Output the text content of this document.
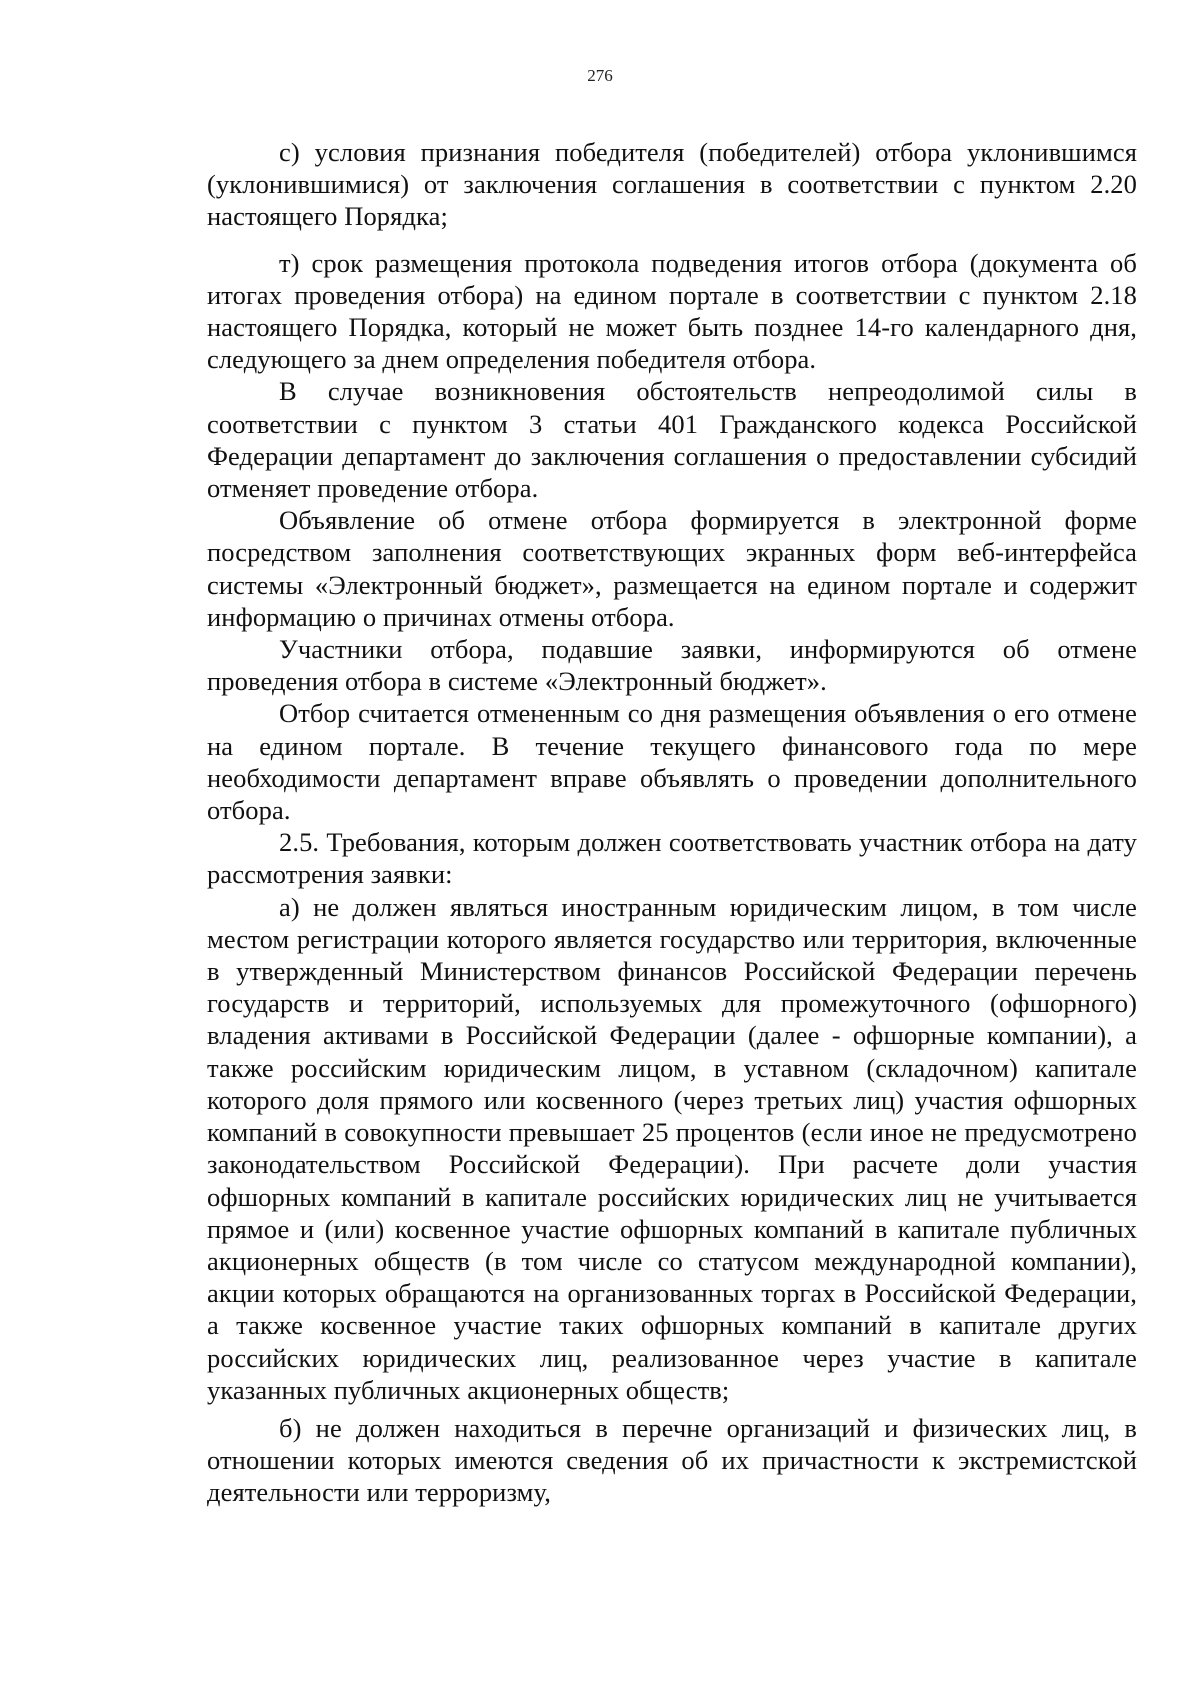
276

с) условия признания победителя (победителей) отбора уклонившимся (уклонившимися) от заключения соглашения в соответствии с пунктом 2.20 настоящего Порядка;

т) срок размещения протокола подведения итогов отбора (документа об итогах проведения отбора) на едином портале в соответствии с пунктом 2.18 настоящего Порядка, который не может быть позднее 14-го календарного дня, следующего за днем определения победителя отбора.

В случае возникновения обстоятельств непреодолимой силы в соответствии с пунктом 3 статьи 401 Гражданского кодекса Российской Федерации департамент до заключения соглашения о предоставлении субсидий отменяет проведение отбора.

Объявление об отмене отбора формируется в электронной форме посредством заполнения соответствующих экранных форм веб-интерфейса системы «Электронный бюджет», размещается на едином портале и содержит информацию о причинах отмены отбора.

Участники отбора, подавшие заявки, информируются об отмене проведения отбора в системе «Электронный бюджет».

Отбор считается отмененным со дня размещения объявления о его отмене на едином портале. В течение текущего финансового года по мере необходимости департамент вправе объявлять о проведении дополнительного отбора.

2.5. Требования, которым должен соответствовать участник отбора на дату рассмотрения заявки:

а) не должен являться иностранным юридическим лицом, в том числе местом регистрации которого является государство или территория, включенные в утвержденный Министерством финансов Российской Федерации перечень государств и территорий, используемых для промежуточного (офшорного) владения активами в Российской Федерации (далее - офшорные компании), а также российским юридическим лицом, в уставном (складочном) капитале которого доля прямого или косвенного (через третьих лиц) участия офшорных компаний в совокупности превышает 25 процентов (если иное не предусмотрено законодательством Российской Федерации). При расчете доли участия офшорных компаний в капитале российских юридических лиц не учитывается прямое и (или) косвенное участие офшорных компаний в капитале публичных акционерных обществ (в том числе со статусом международной компании), акции которых обращаются на организованных торгах в Российской Федерации, а также косвенное участие таких офшорных компаний в капитале других российских юридических лиц, реализованное через участие в капитале указанных публичных акционерных обществ;

б) не должен находиться в перечне организаций и физических лиц, в отношении которых имеются сведения об их причастности к экстремистской деятельности или терроризму,
